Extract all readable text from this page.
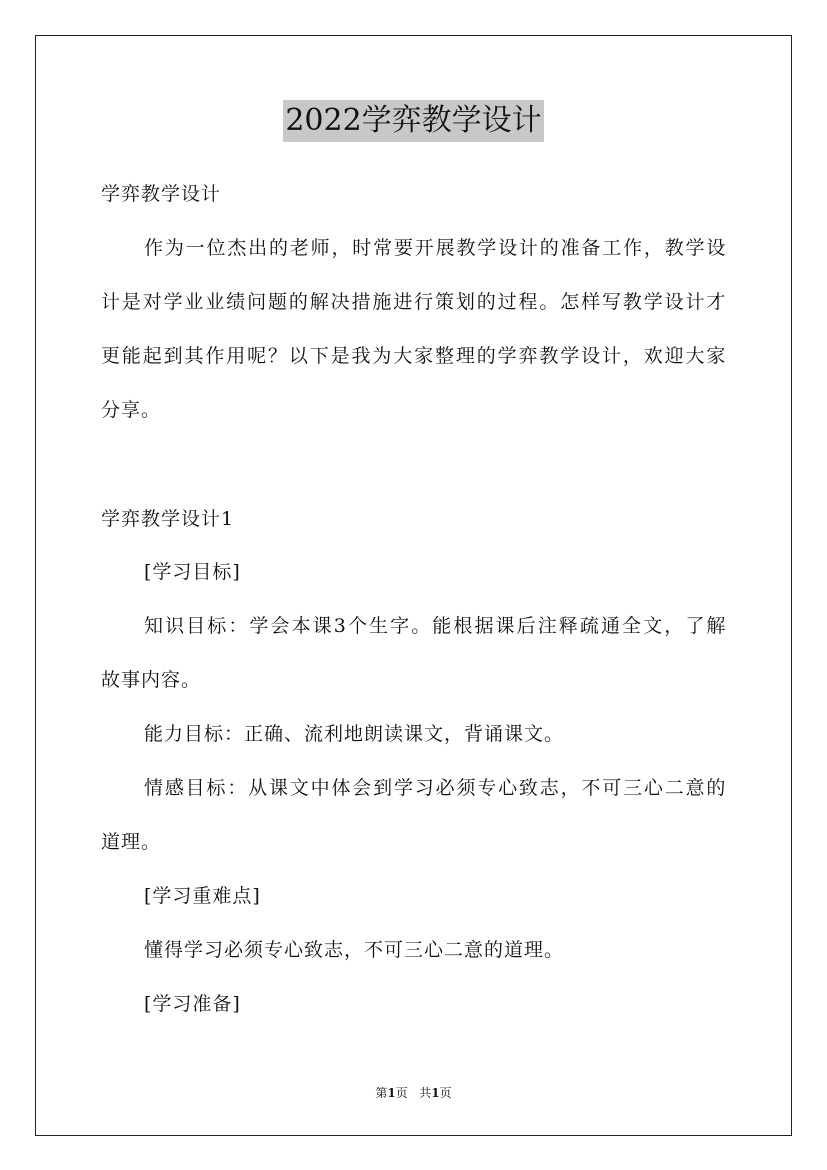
2022学弈教学设计
学弈教学设计
作为一位杰出的老师，时常要开展教学设计的准备工作，教学设
计是对学业业绩问题的解决措施进行策划的过程。怎样写教学设计才
更能起到其作用呢？以下是我为大家整理的学弈教学设计，欢迎大家
分享。
学弈教学设计1
[学习目标]
知识目标：学会本课3个生字。能根据课后注释疏通全文，了解
故事内容。
能力目标：正确、流利地朗读课文，背诵课文。
情感目标：从课文中体会到学习必须专心致志，不可三心二意的
道理。
[学习重难点]
懂得学习必须专心致志，不可三心二意的道理。
[学习准备]
第1页   共1页
